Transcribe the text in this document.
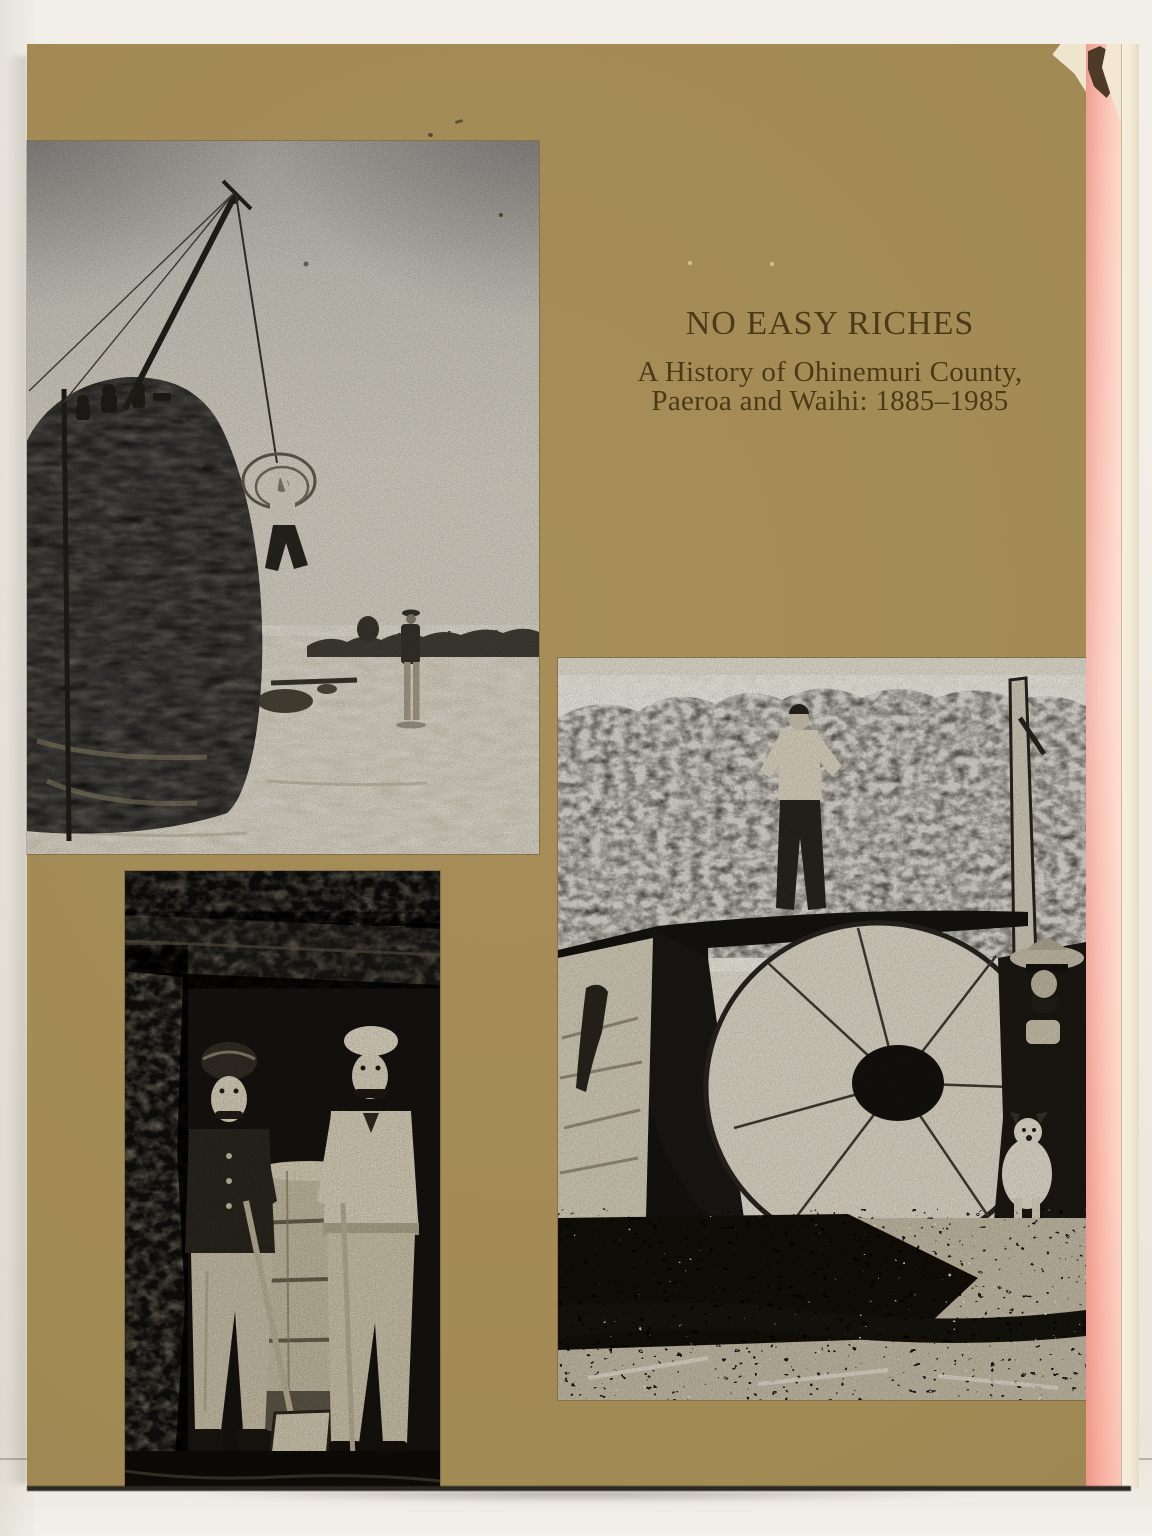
NO EASY RICHES
A History of Ohinemuri County,
Paeroa and Waihi: 1885–1985
